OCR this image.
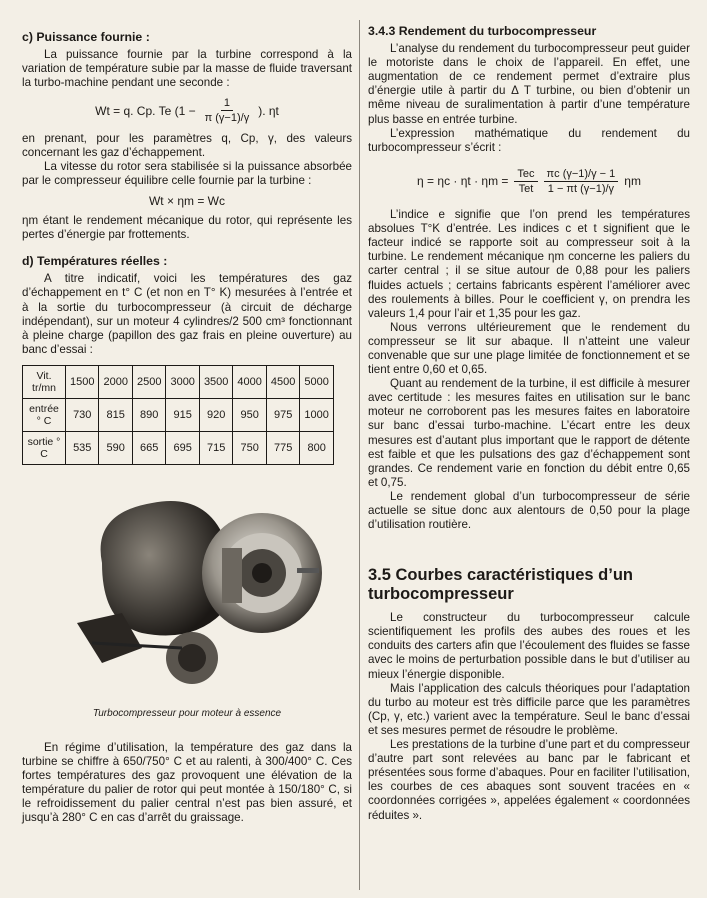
c) Puissance fournie :

La puissance fournie par la turbine correspond à la variation de température subie par la masse de fluide traversant la turbo-machine pendant une seconde :

Wt = q. Cp. Te ($1 - \frac{1}{\pi (\gamma-1)/\gamma}$ ). ηt

en prenant, pour les paramètres q, Cp, γ, des valeurs concernant les gaz d’échappement.

La vitesse du rotor sera stabilisée si la puissance absorbée par le compresseur équilibre celle fournie par la turbine :

Wt × ηm = Wc

ηm étant le rendement mécanique du rotor, qui représente les pertes d’énergie par frottements.

d) Températures réelles :

A titre indicatif, voici les températures des gaz d’échappement en t° C (et non en T° K) mesurées à l’entrée et à la sortie du turbocompresseur (à circuit de décharge indépendant), sur un moteur 4 cylindres/2 500 cm³ fonctionnant à pleine charge (papillon des gaz frais en pleine ouverture) au banc d’essai :

Vit. tr/mn	1500	2000	2500	3000	3500	4000	4500	5000
entrée ° C	730	815	890	915	920	950	975	1000
sortie ° C	535	590	665	695	715	750	775	800
Turbocompresseur pour moteur à essence

En régime d’utilisation, la température des gaz dans la turbine se chiffre à 650/750° C et au ralenti, à 300/400° C. Ces fortes températures des gaz provoquent une élévation de la température du palier de rotor qui peut montée à 150/180° C, si le refroidissement du palier central n’est pas bien assuré, et jusqu’à 280° C en cas d’arrêt du graissage.

3.4.3 Rendement du turbocompresseur

L’analyse du rendement du turbocompresseur peut guider le motoriste dans le choix de l’appareil. En effet, une augmentation de ce rendement permet d’extraire plus d’énergie utile à partir du Δ T turbine, ou bien d’obtenir un même niveau de suralimentation à partir d’une température plus basse en entrée turbine.

L’expression mathématique du rendement du turbocompresseur s’écrit :

$\eta = \eta c \cdot \eta t \cdot \eta m = \frac{\text{Tec}}{\text{Tet}} \frac{\pi c (\gamma-1)/\gamma - 1}{1 - \pi t (\gamma-1)/\gamma}$ ηm

L’indice e signifie que l’on prend les températures absolues T°K d’entrée. Les indices c et t signifient que le facteur indicé se rapporte soit au compresseur soit à la turbine. Le rendement mécanique ηm concerne les paliers du carter central ; il se situe autour de 0,88 pour les paliers fluides actuels ; certains fabricants espèrent l’améliorer avec des roulements à billes. Pour le coefficient γ, on prendra les valeurs 1,4 pour l’air et 1,35 pour les gaz.

Nous verrons ultérieurement que le rendement du compresseur se lit sur abaque. Il n’atteint une valeur convenable que sur une plage limitée de fonctionnement et se tient entre 0,60 et 0,65.

Quant au rendement de la turbine, il est difficile à mesurer avec certitude : les mesures faites en utilisation sur le banc moteur ne corroborent pas les mesures faites en laboratoire sur banc d’essai turbo-machine. L’écart entre les deux mesures est d’autant plus important que le rapport de détente est faible et que les pulsations des gaz d’échappement sont grandes. Ce rendement varie en fonction du débit entre 0,65 et 0,75.

Le rendement global d’un turbocompresseur de série actuelle se situe donc aux alentours de 0,50 pour la plage d’utilisation routière.

3.5 Courbes caractéristiques d’un turbocompresseur

Le constructeur du turbocompresseur calcule scientifiquement les profils des aubes des roues et les conduits des carters afin que l’écoulement des fluides se fasse avec le moins de perturbation possible dans le but d’utiliser au mieux l’énergie disponible.

Mais l’application des calculs théoriques pour l’adaptation du turbo au moteur est très difficile parce que les paramètres (Cp, γ, etc.) varient avec la température. Seul le banc d’essai et ses mesures permet de résoudre le problème.

Les prestations de la turbine d’une part et du compresseur d’autre part sont relevées au banc par le fabricant et présentées sous forme d’abaques. Pour en faciliter l’utilisation, les courbes de ces abaques sont souvent tracées en « coordonnées corrigées », appelées également « coordonnées réduites ».
